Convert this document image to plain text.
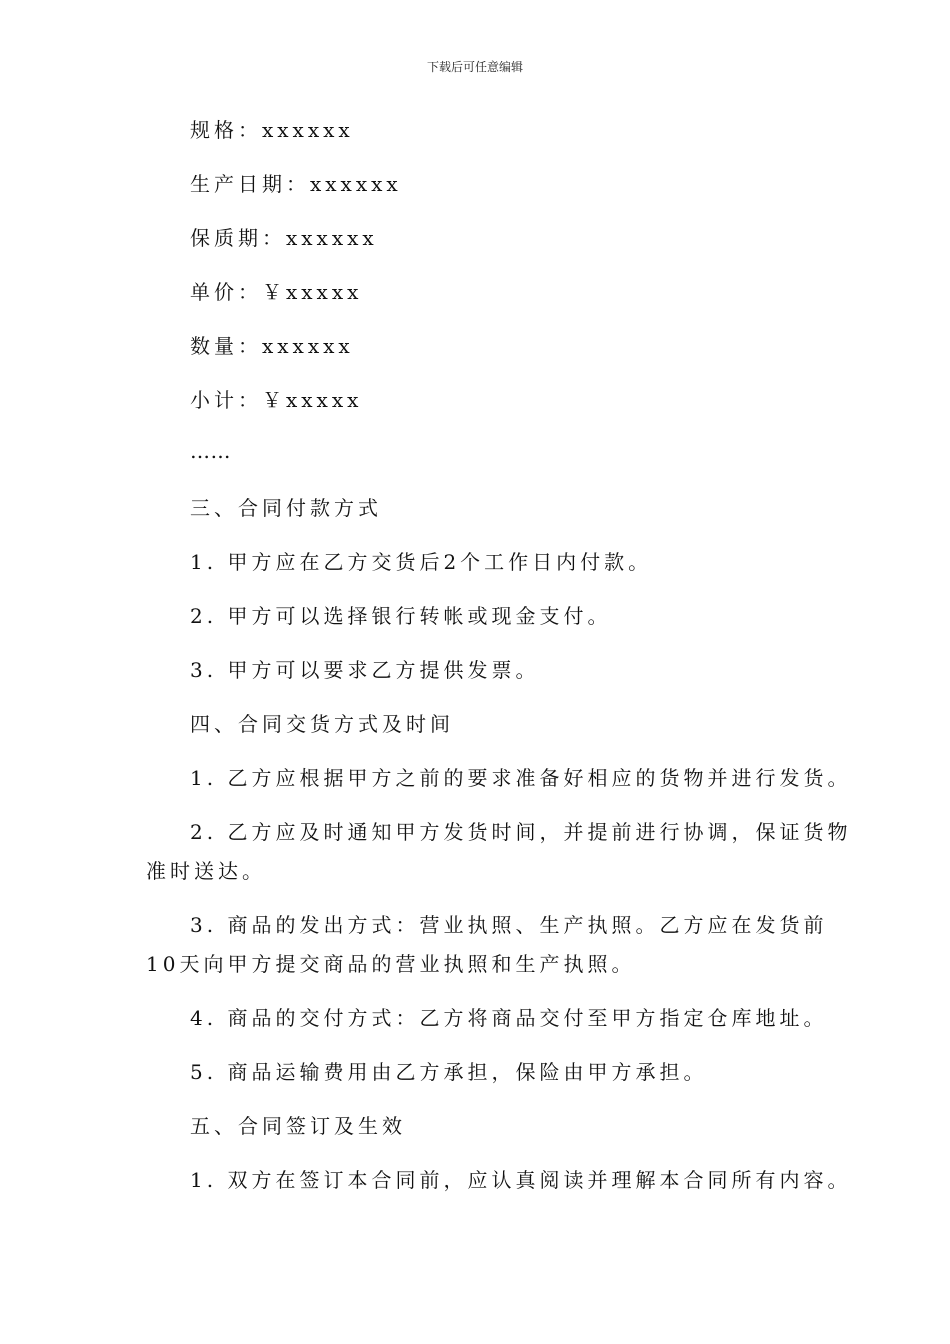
下载后可任意编辑
规格：xxxxxx
生产日期：xxxxxx
保质期：xxxxxx
单价：￥xxxxx
数量：xxxxxx
小计：￥xxxxx
……
三、合同付款方式
1. 甲方应在乙方交货后2个工作日内付款。
2. 甲方可以选择银行转帐或现金支付。
3. 甲方可以要求乙方提供发票。
四、合同交货方式及时间
1. 乙方应根据甲方之前的要求准备好相应的货物并进行发货。
2. 乙方应及时通知甲方发货时间，并提前进行协调，保证货物
准时送达。
3. 商品的发出方式：营业执照、生产执照。乙方应在发货前
10天向甲方提交商品的营业执照和生产执照。
4. 商品的交付方式：乙方将商品交付至甲方指定仓库地址。
5. 商品运输费用由乙方承担，保险由甲方承担。
五、合同签订及生效
1. 双方在签订本合同前，应认真阅读并理解本合同所有内容。
